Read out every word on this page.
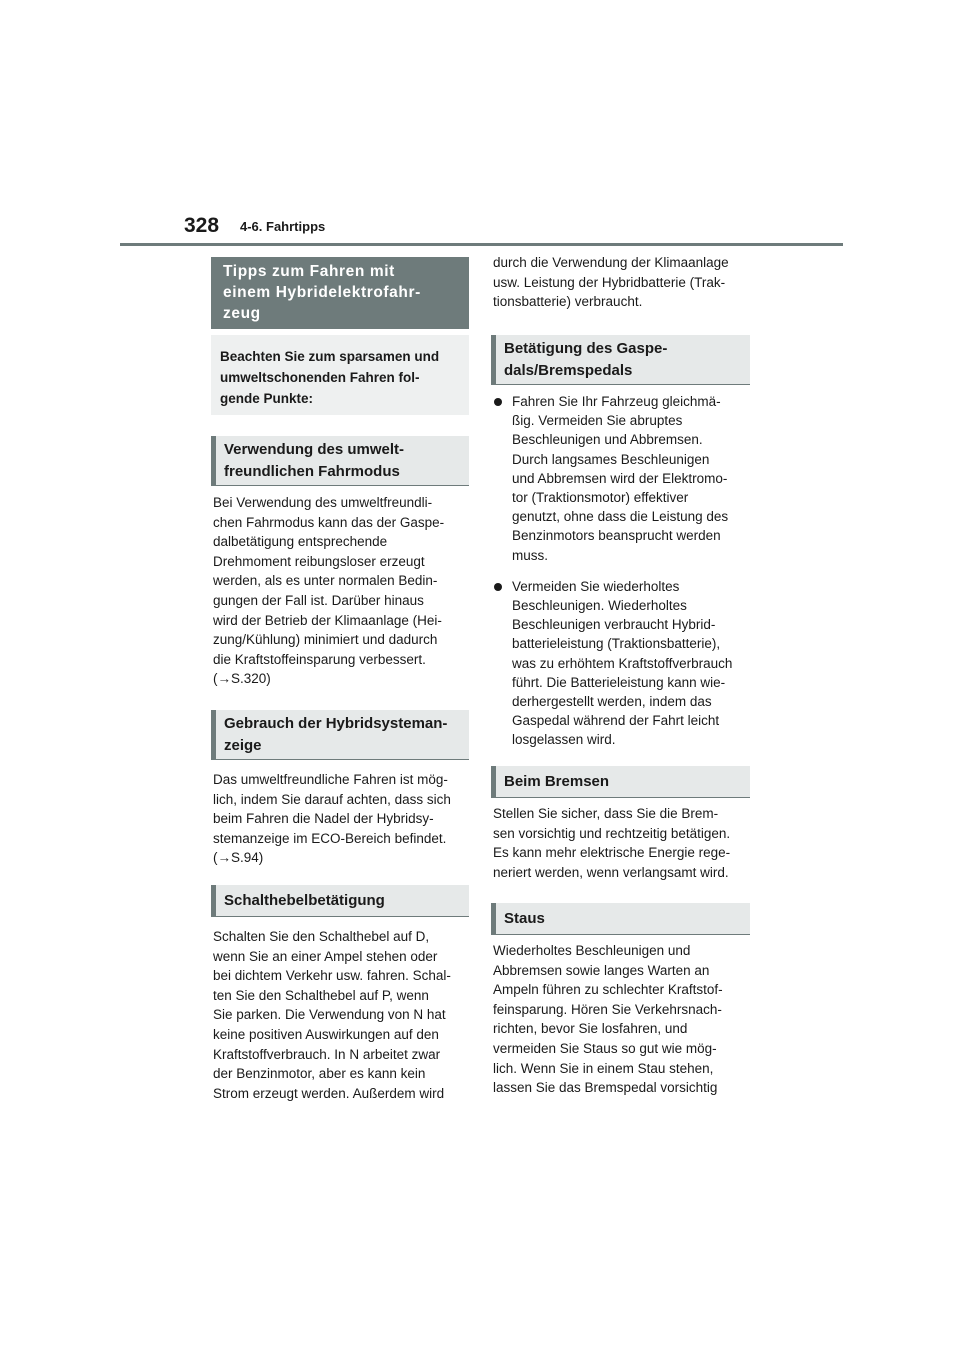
328 4-6. Fahrtipps
Tipps zum Fahren mit
einem Hybridelektrofahr-
zeug
Beachten Sie zum sparsamen und
umweltschonenden Fahren fol-
gende Punkte:
Verwendung des umwelt-
freundlichen Fahrmodus

Bei Verwendung des umweltfreundli-
chen Fahrmodus kann das der Gaspe-
dalbetätigung entsprechende
Drehmoment reibungsloser erzeugt
werden, als es unter normalen Bedin-
gungen der Fall ist. Darüber hinaus
wird der Betrieb der Klimaanlage (Hei-
zung/Kühlung) minimiert und dadurch
die Kraftstoffeinsparung verbessert.
(→S.320)

Gebrauch der Hybridsysteman-
zeige

Das umweltfreundliche Fahren ist mög-
lich, indem Sie darauf achten, dass sich
beim Fahren die Nadel der Hybridsy-
stemanzeige im ECO-Bereich befindet.
(→S.94)

Schalthebelbetätigung

Schalten Sie den Schalthebel auf D,
wenn Sie an einer Ampel stehen oder
bei dichtem Verkehr usw. fahren. Schal-
ten Sie den Schalthebel auf P, wenn
Sie parken. Die Verwendung von N hat
keine positiven Auswirkungen auf den
Kraftstoffverbrauch. In N arbeitet zwar
der Benzinmotor, aber es kann kein
Strom erzeugt werden. Außerdem wird

durch die Verwendung der Klimaanlage
usw. Leistung der Hybridbatterie (Trak-
tionsbatterie) verbraucht.

Betätigung des Gaspe-
dals/Bremspedals
Fahren Sie Ihr Fahrzeug gleichmä-
ßig. Vermeiden Sie abruptes
Beschleunigen und Abbremsen.
Durch langsames Beschleunigen
und Abbremsen wird der Elektromo-
tor (Traktionsmotor) effektiver
genutzt, ohne dass die Leistung des
Benzinmotors beansprucht werden
muss.
Vermeiden Sie wiederholtes
Beschleunigen. Wiederholtes
Beschleunigen verbraucht Hybrid-
batterieleistung (Traktionsbatterie),
was zu erhöhtem Kraftstoffverbrauch
führt. Die Batterieleistung kann wie-
derhergestellt werden, indem das
Gaspedal während der Fahrt leicht
losgelassen wird.
Beim Bremsen

Stellen Sie sicher, dass Sie die Brem-
sen vorsichtig und rechtzeitig betätigen.
Es kann mehr elektrische Energie rege-
neriert werden, wenn verlangsamt wird.

Staus

Wiederholtes Beschleunigen und
Abbremsen sowie langes Warten an
Ampeln führen zu schlechter Kraftstof-
feinsparung. Hören Sie Verkehrsnach-
richten, bevor Sie losfahren, und
vermeiden Sie Staus so gut wie mög-
lich. Wenn Sie in einem Stau stehen,
lassen Sie das Bremspedal vorsichtig
